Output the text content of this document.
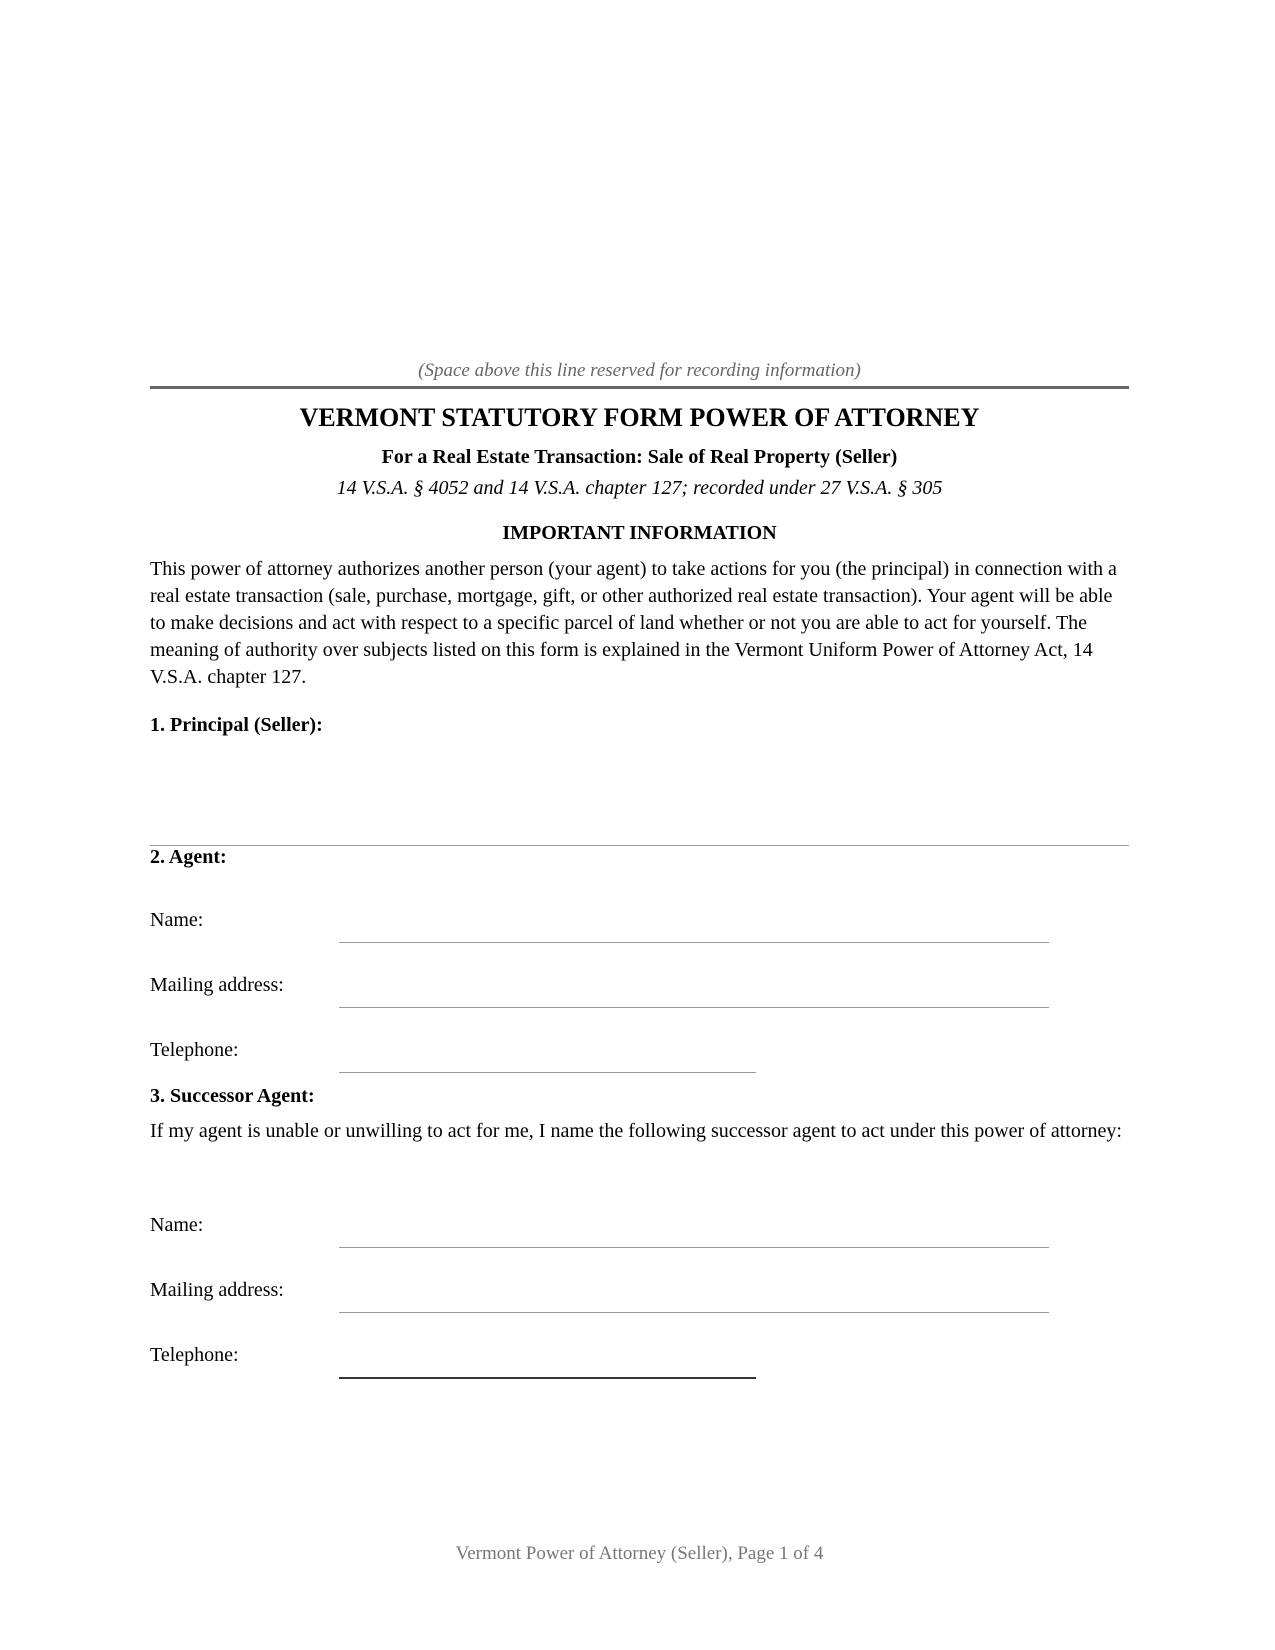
(Space above this line reserved for recording information)
VERMONT STATUTORY FORM POWER OF ATTORNEY
For a Real Estate Transaction: Sale of Real Property (Seller)
14 V.S.A. § 4052 and 14 V.S.A. chapter 127; recorded under 27 V.S.A. § 305
IMPORTANT INFORMATION
This power of attorney authorizes another person (your agent) to take actions for you (the principal) in connection with a real estate transaction (sale, purchase, mortgage, gift, or other authorized real estate transaction). Your agent will be able to make decisions and act with respect to a specific parcel of land whether or not you are able to act for yourself. The meaning of authority over subjects listed on this form is explained in the Vermont Uniform Power of Attorney Act, 14 V.S.A. chapter 127.
1. Principal (Seller):
2. Agent:
Name:
Mailing address:
Telephone:
3. Successor Agent:
If my agent is unable or unwilling to act for me, I name the following successor agent to act under this power of attorney:
Name:
Mailing address:
Telephone:
Vermont Power of Attorney (Seller), Page 1 of 4
